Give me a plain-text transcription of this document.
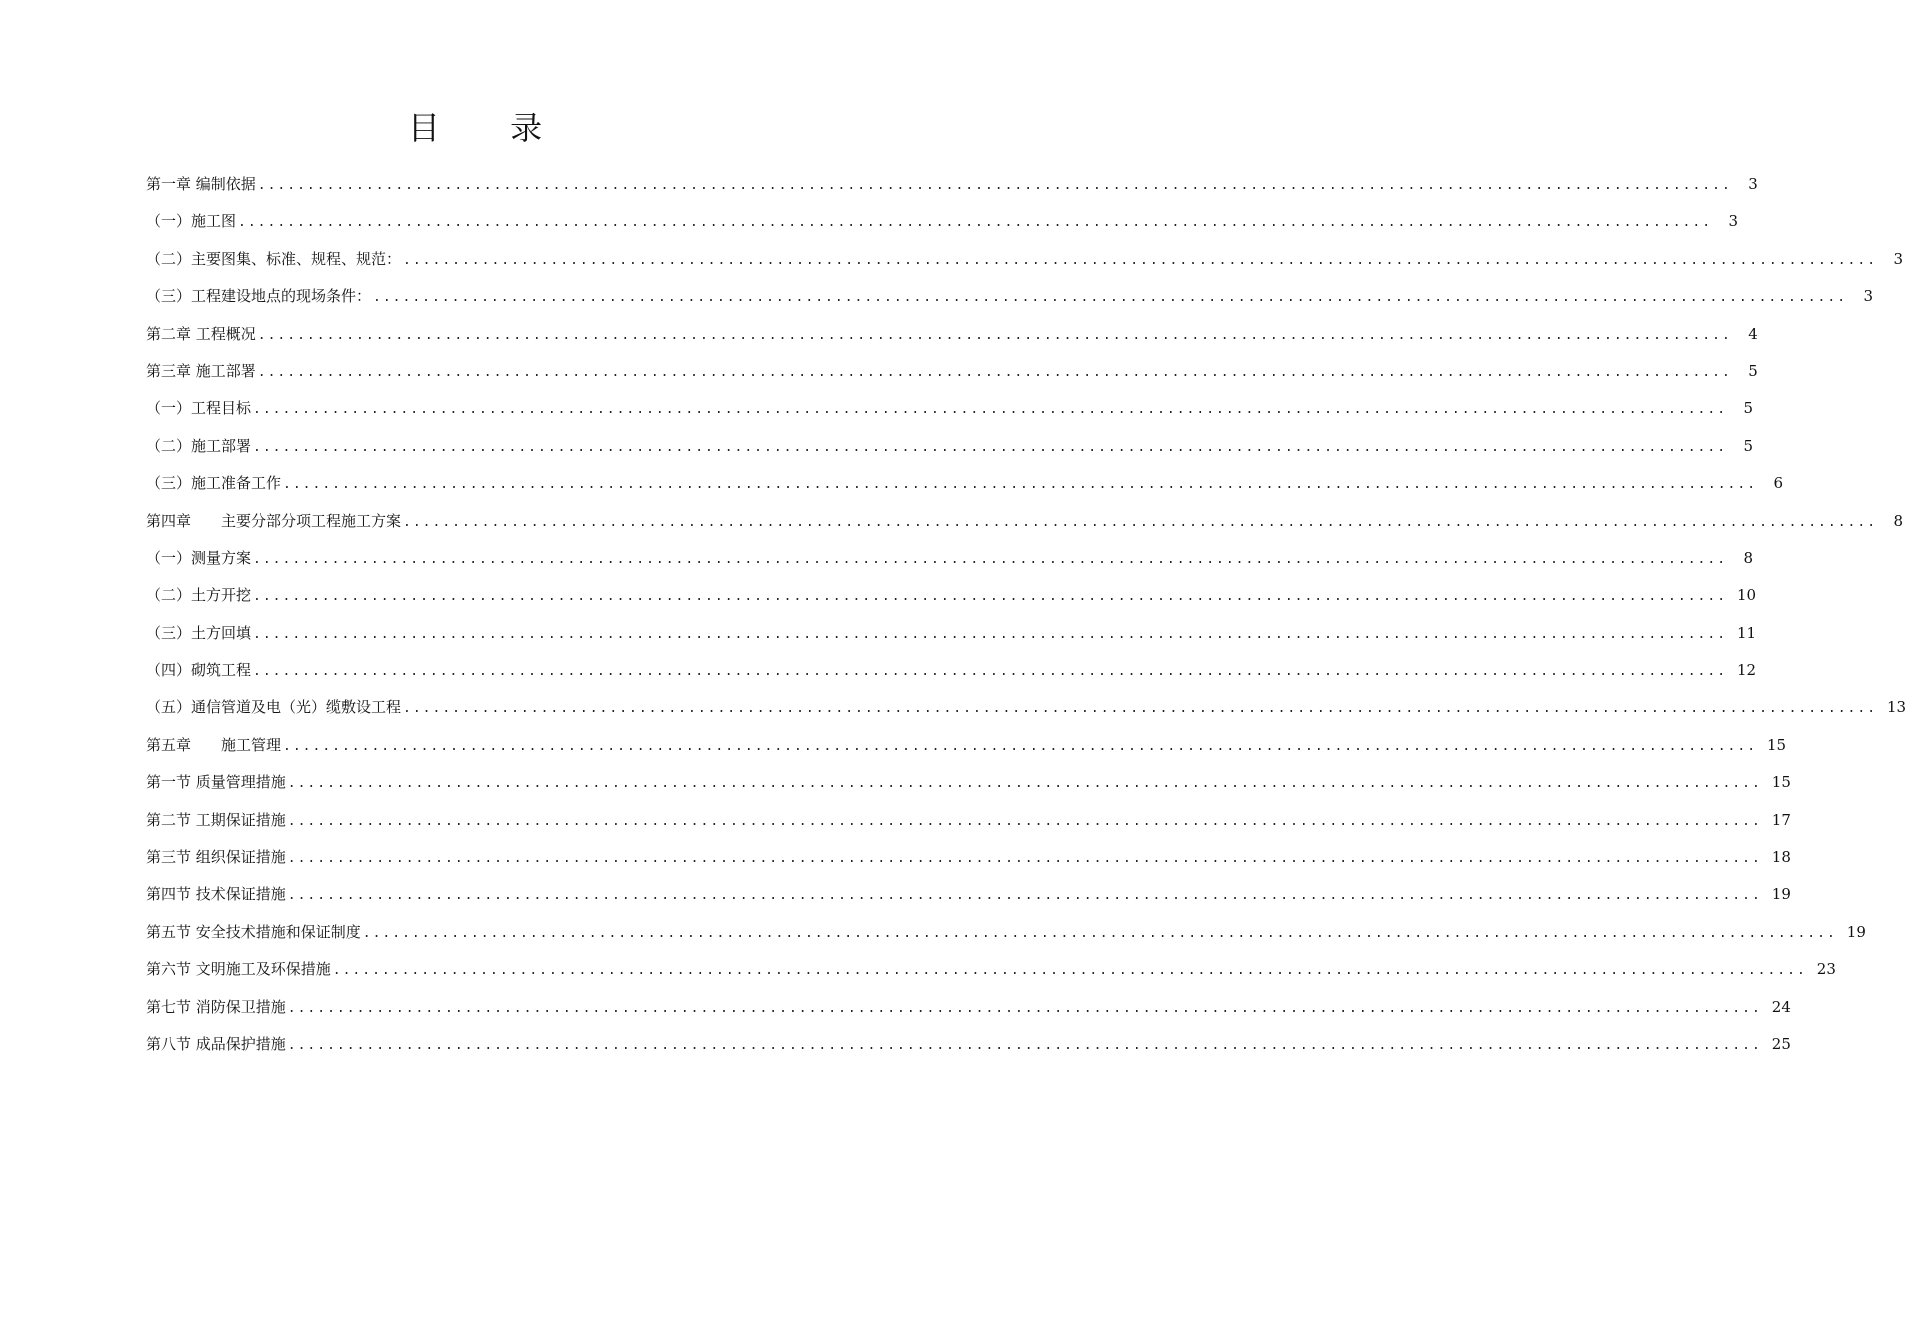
目 录
第一章 编制依据 ......................................................................................................................................................	3
（一）施工图 ......................................................................................................................................................	3
（二）主要图集、标准、规程、规范： ......................................................................................................................................................	3
（三）工程建设地点的现场条件： ......................................................................................................................................................	3
第二章 工程概况 ......................................................................................................................................................	4
第三章 施工部署 ......................................................................................................................................................	5
（一）工程目标 ......................................................................................................................................................	5
（二）施工部署 ......................................................................................................................................................	5
（三）施工准备工作 ......................................................................................................................................................	6
第四章　　主要分部分项工程施工方案 ......................................................................................................................................................	8
（一）测量方案 ......................................................................................................................................................	8
（二）土方开挖 ...................................................................................................................................................... 10
（三）土方回填 ...................................................................................................................................................... 11
（四）砌筑工程 ...................................................................................................................................................... 12
（五）通信管道及电（光）缆敷设工程 ...................................................................................................................................................... 13
第五章　　施工管理 ...................................................................................................................................................... 15
第一节 质量管理措施 ...................................................................................................................................................... 15
第二节 工期保证措施 ...................................................................................................................................................... 17
第三节 组织保证措施 ...................................................................................................................................................... 18
第四节 技术保证措施 ...................................................................................................................................................... 19
第五节 安全技术措施和保证制度 ...................................................................................................................................................... 19
第六节 文明施工及环保措施 ...................................................................................................................................................... 23
第七节 消防保卫措施 ...................................................................................................................................................... 24
第八节 成品保护措施 ...................................................................................................................................................... 25
